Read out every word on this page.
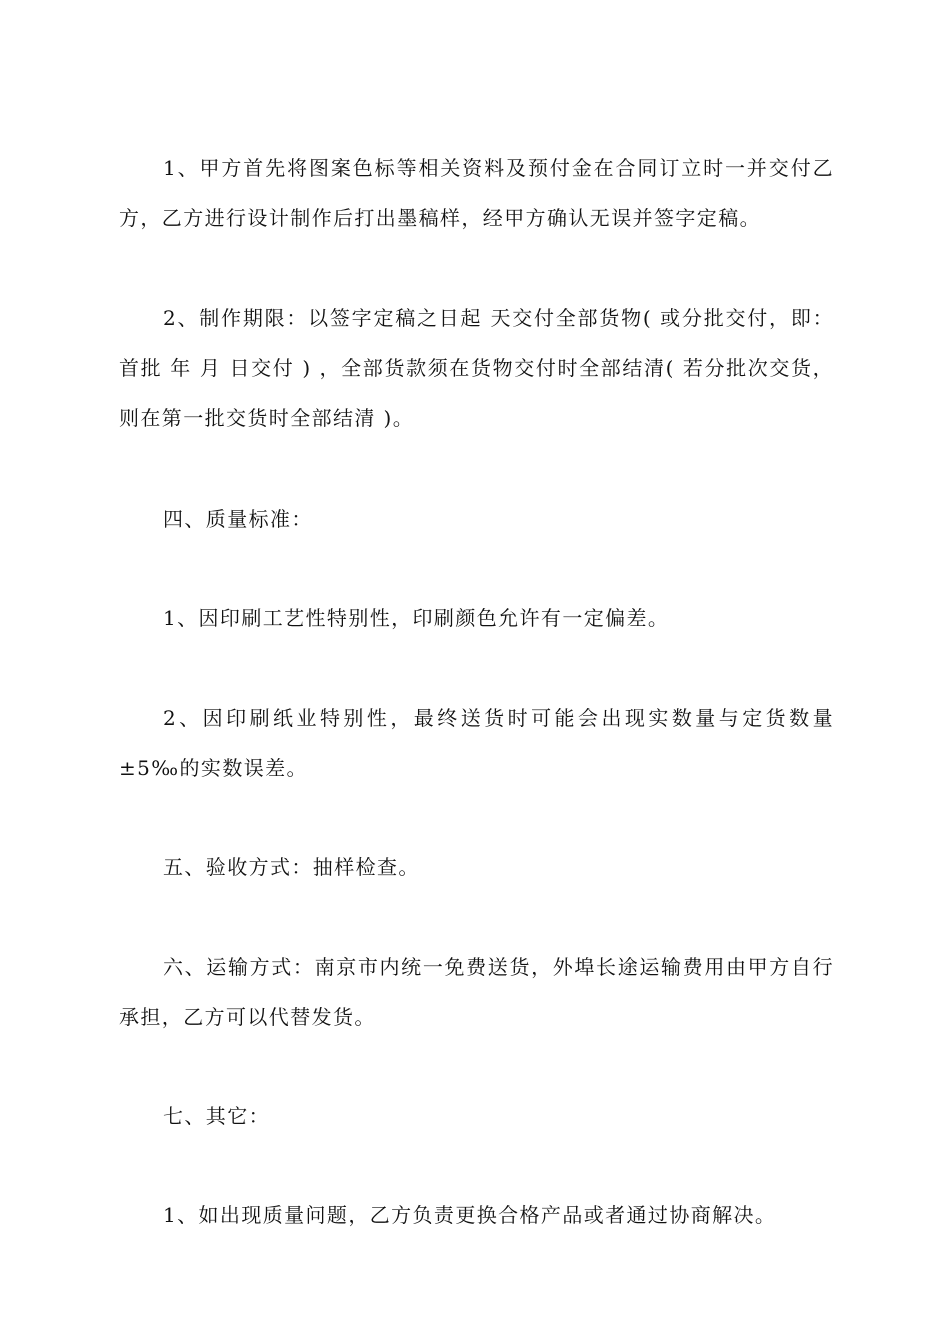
1、甲方首先将图案色标等相关资料及预付金在合同订立时一并交付乙方，乙方进行设计制作后打出墨稿样，经甲方确认无误并签字定稿。

2、制作期限：以签字定稿之日起 天交付全部货物( 或分批交付，即：首批 年 月 日交付 ) ，全部货款须在货物交付时全部结清( 若分批次交货，则在第一批交货时全部结清 )。

四、质量标准：

1、因印刷工艺性特别性，印刷颜色允许有一定偏差。

2、因印刷纸业特别性，最终送货时可能会出现实数量与定货数量±5‰的实数误差。

五、验收方式：抽样检查。

六、运输方式：南京市内统一免费送货，外埠长途运输费用由甲方自行承担，乙方可以代替发货。

七、其它：

1、如出现质量问题，乙方负责更换合格产品或者通过协商解决。
